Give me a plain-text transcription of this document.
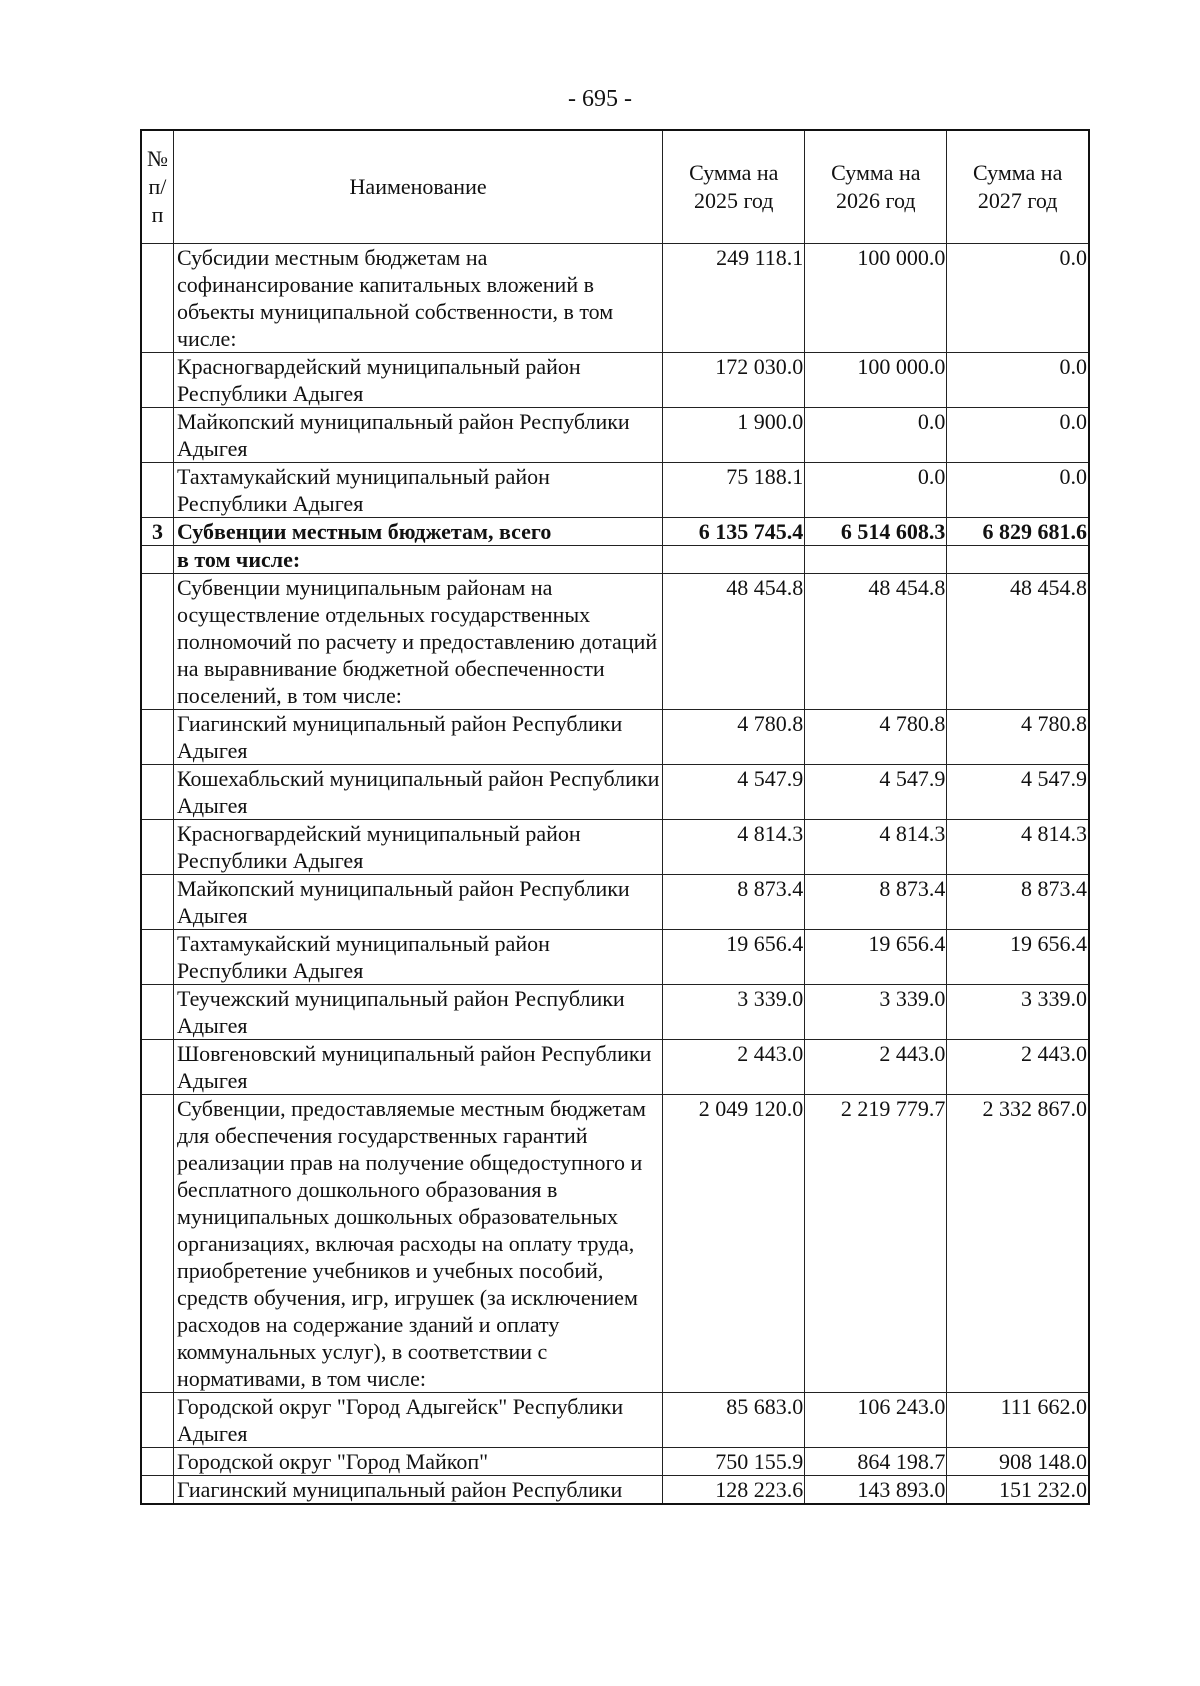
- 695 -
№ п/п	Наименование	Сумма на 2025 год	Сумма на 2026 год	Сумма на 2027 год
	Субсидии местным бюджетам на софинансирование капитальных вложений в объекты муниципальной собственности, в том числе:	249 118.1	100 000.0	0.0
	Красногвардейский муниципальный район Республики Адыгея	172 030.0	100 000.0	0.0
	Майкопский муниципальный район Республики Адыгея	1 900.0	0.0	0.0
	Тахтамукайский муниципальный район Республики Адыгея	75 188.1	0.0	0.0
3	Субвенции местным бюджетам, всего	6 135 745.4	6 514 608.3	6 829 681.6
	в том числе:			
	Субвенции муниципальным районам на осуществление отдельных государственных полномочий по расчету и предоставлению дотаций на выравнивание бюджетной обеспеченности поселений, в том числе:	48 454.8	48 454.8	48 454.8
	Гиагинский муниципальный район Республики Адыгея	4 780.8	4 780.8	4 780.8
	Кошехабльский муниципальный район Республики Адыгея	4 547.9	4 547.9	4 547.9
	Красногвардейский муниципальный район Республики Адыгея	4 814.3	4 814.3	4 814.3
	Майкопский муниципальный район Республики Адыгея	8 873.4	8 873.4	8 873.4
	Тахтамукайский муниципальный район Республики Адыгея	19 656.4	19 656.4	19 656.4
	Теучежский муниципальный район Республики Адыгея	3 339.0	3 339.0	3 339.0
	Шовгеновский муниципальный район Республики Адыгея	2 443.0	2 443.0	2 443.0
	Субвенции, предоставляемые местным бюджетам для обеспечения государственных гарантий реализации прав на получение общедоступного и бесплатного дошкольного образования в муниципальных дошкольных образовательных организациях, включая расходы на оплату труда, приобретение учебников и учебных пособий, средств обучения, игр, игрушек (за исключением расходов на содержание зданий и оплату коммунальных услуг), в соответствии с нормативами, в том числе:	2 049 120.0	2 219 779.7	2 332 867.0
	Городской округ "Город Адыгейск" Республики Адыгея	85 683.0	106 243.0	111 662.0
	Городской округ "Город Майкоп"	750 155.9	864 198.7	908 148.0
	Гиагинский муниципальный район Республики	128 223.6	143 893.0	151 232.0
